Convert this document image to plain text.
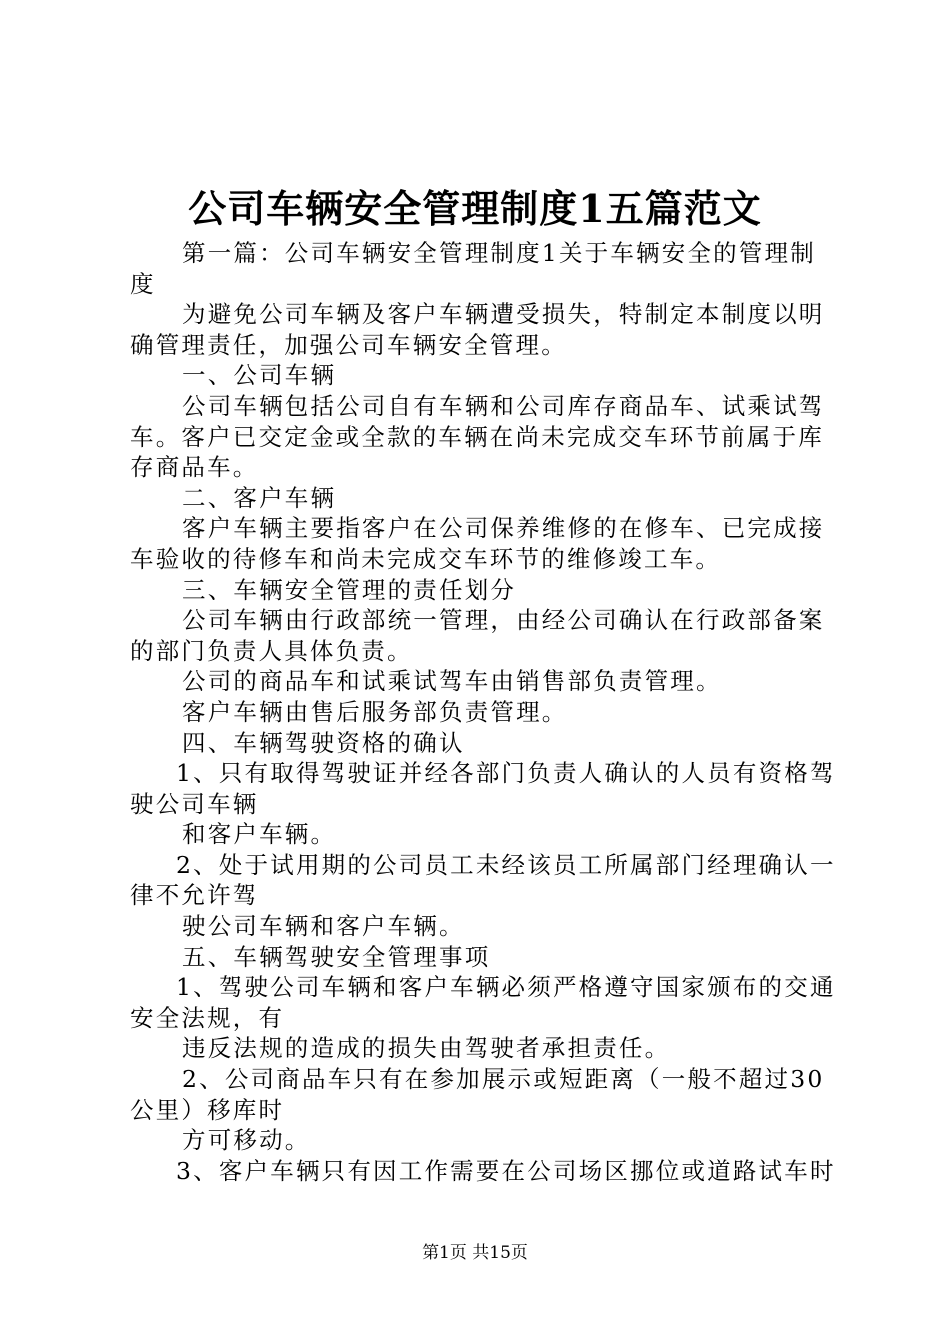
公司车辆安全管理制度1五篇范文
第一篇：公司车辆安全管理制度1关于车辆安全的管理制
度
为避免公司车辆及客户车辆遭受损失，特制定本制度以明
确管理责任，加强公司车辆安全管理。
一、公司车辆
公司车辆包括公司自有车辆和公司库存商品车、试乘试驾
车。客户已交定金或全款的车辆在尚未完成交车环节前属于库
存商品车。
二、客户车辆
客户车辆主要指客户在公司保养维修的在修车、已完成接
车验收的待修车和尚未完成交车环节的维修竣工车。
三、车辆安全管理的责任划分
公司车辆由行政部统一管理，由经公司确认在行政部备案
的部门负责人具体负责。
公司的商品车和试乘试驾车由销售部负责管理。
客户车辆由售后服务部负责管理。
四、车辆驾驶资格的确认
1、只有取得驾驶证并经各部门负责人确认的人员有资格驾
驶公司车辆
和客户车辆。
2、处于试用期的公司员工未经该员工所属部门经理确认一
律不允许驾
驶公司车辆和客户车辆。
五、车辆驾驶安全管理事项
1、驾驶公司车辆和客户车辆必须严格遵守国家颁布的交通
安全法规，有
违反法规的造成的损失由驾驶者承担责任。
2、公司商品车只有在参加展示或短距离（一般不超过30
公里）移库时
方可移动。
3、客户车辆只有因工作需要在公司场区挪位或道路试车时
第1页 共15页
